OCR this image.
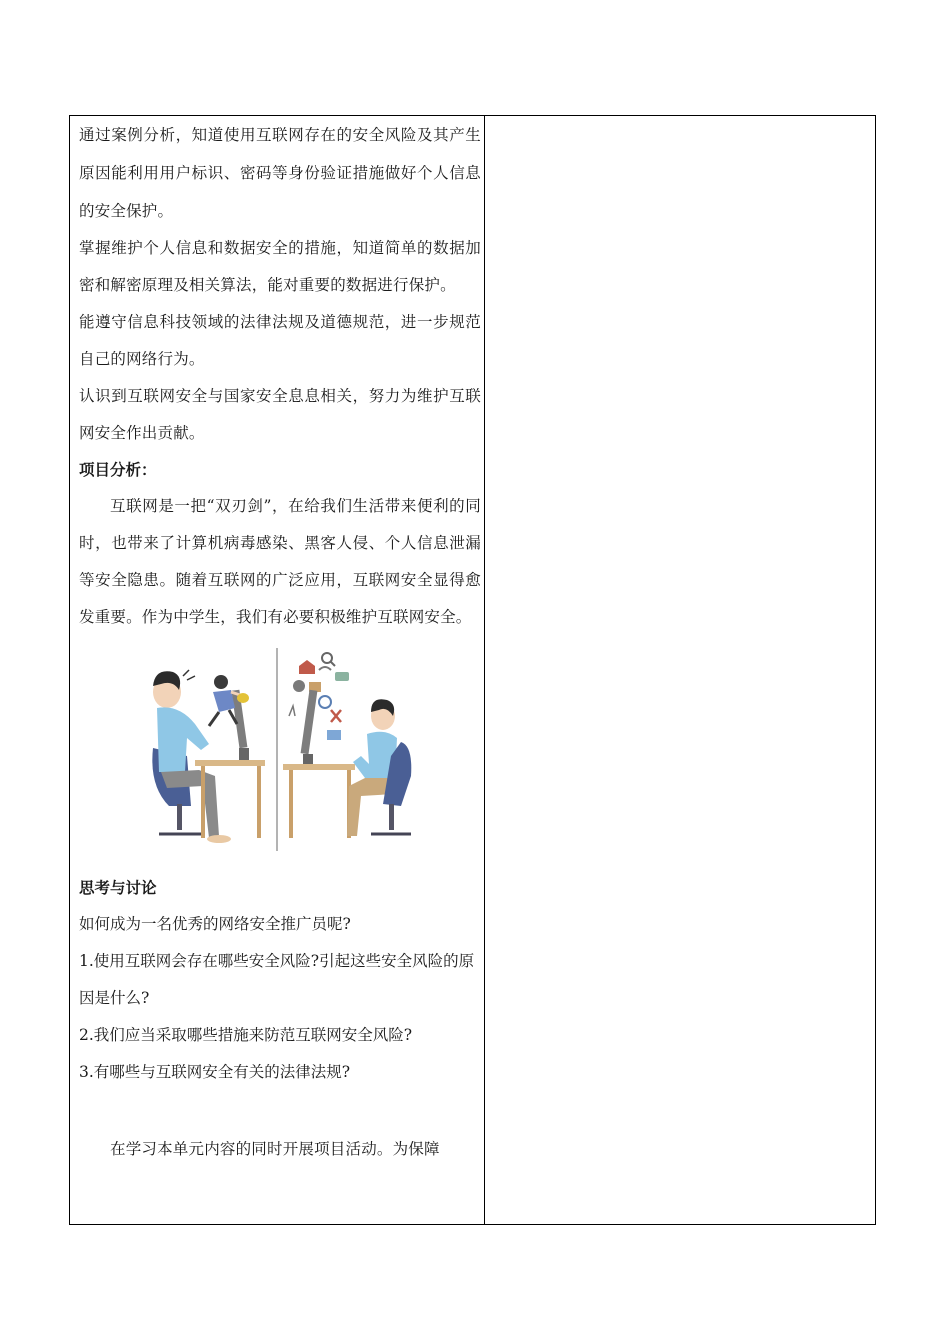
通过案例分析，知道使用互联网存在的安全风险及其产生原因能利用用户标识、密码等身份验证措施做好个人信息的安全保护。

掌握维护个人信息和数据安全的措施，知道简单的数据加密和解密原理及相关算法，能对重要的数据进行保护。

能遵守信息科技领域的法律法规及道德规范，进一步规范自己的网络行为。

认识到互联网安全与国家安全息息相关，努力为维护互联网安全作出贡献。

项目分析：

互联网是一把“双刃剑”，在给我们生活带来便利的同时，也带来了计算机病毒感染、黑客人侵、个人信息泄漏等安全隐患。随着互联网的广泛应用，互联网安全显得愈发重要。作为中学生，我们有必要积极维护互联网安全。

思考与讨论

如何成为一名优秀的网络安全推广员呢?

1.使用互联网会存在哪些安全风险?引起这些安全风险的原因是什么?

2.我们应当采取哪些措施来防范互联网安全风险?

3.有哪些与互联网安全有关的法律法规?

在学习本单元内容的同时开展项目活动。为保障
